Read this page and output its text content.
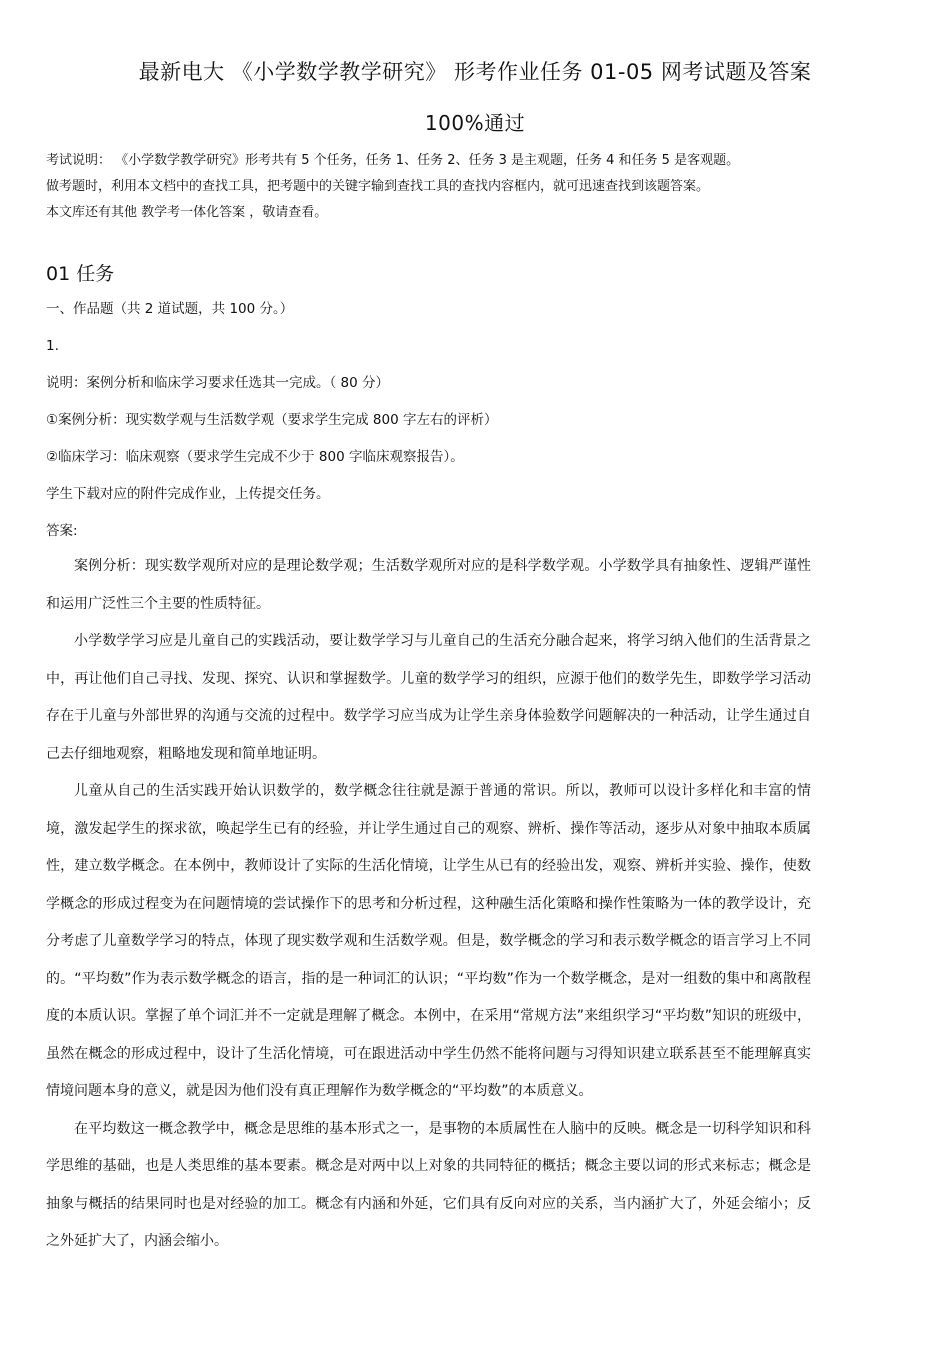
最新电大 《小学数学教学研究》 形考作业任务 01-05 网考试题及答案
100%通过
考试说明： 《小学数学教学研究》形考共有 5 个任务，任务 1、任务 2、任务 3 是主观题，任务 4 和任务 5 是客观题。
做考题时，利用本文档中的查找工具，把考题中的关键字输到查找工具的查找内容框内，就可迅速查找到该题答案。
本文库还有其他 教学考一体化答案 ，敬请查看。
01 任务
一、作品题（共 2 道试题，共 100 分。）
1.
说明：案例分析和临床学习要求任选其一完成。（ 80 分）
①案例分析：现实数学观与生活数学观（要求学生完成 800 字左右的评析）
②临床学习：临床观察（要求学生完成不少于 800 字临床观察报告）。
学生下载对应的附件完成作业，上传提交任务。
答案:

案例分析：现实数学观所对应的是理论数学观；生活数学观所对应的是科学数学观。小学数学具有抽象性、逻辑严谨性和运用广泛性三个主要的性质特征。

小学数学学习应是儿童自己的实践活动，要让数学学习与儿童自己的生活充分融合起来，将学习纳入他们的生活背景之中，再让他们自己寻找、发现、探究、认识和掌握数学。儿童的数学学习的组织，应源于他们的数学先生，即数学学习活动存在于儿童与外部世界的沟通与交流的过程中。数学学习应当成为让学生亲身体验数学问题解决的一种活动，让学生通过自己去仔细地观察，粗略地发现和简单地证明。

儿童从自己的生活实践开始认识数学的，数学概念往往就是源于普通的常识。所以，教师可以设计多样化和丰富的情境，激发起学生的探求欲，唤起学生已有的经验，并让学生通过自己的观察、辨析、操作等活动，逐步从对象中抽取本质属性，建立数学概念。在本例中，教师设计了实际的生活化情境，让学生从已有的经验出发，观察、辨析并实验、操作，使数学概念的形成过程变为在问题情境的尝试操作下的思考和分析过程，这种融生活化策略和操作性策略为一体的教学设计，充分考虑了儿童数学学习的特点，体现了现实数学观和生活数学观。但是，数学概念的学习和表示数学概念的语言学习上不同的。“平均数”作为表示数学概念的语言，指的是一种词汇的认识；“平均数”作为一个数学概念，是对一组数的集中和离散程度的本质认识。掌握了单个词汇并不一定就是理解了概念。本例中，在采用“常规方法”来组织学习“平均数”知识的班级中，虽然在概念的形成过程中，设计了生活化情境，可在跟进活动中学生仍然不能将问题与习得知识建立联系甚至不能理解真实情境问题本身的意义，就是因为他们没有真正理解作为数学概念的“平均数”的本质意义。

在平均数这一概念教学中，概念是思维的基本形式之一，是事物的本质属性在人脑中的反映。概念是一切科学知识和科学思维的基础，也是人类思维的基本要素。概念是对两中以上对象的共同特征的概括；概念主要以词的形式来标志；概念是抽象与概括的结果同时也是对经验的加工。概念有内涵和外延，它们具有反向对应的关系，当内涵扩大了，外延会缩小；反之外延扩大了，内涵会缩小。
